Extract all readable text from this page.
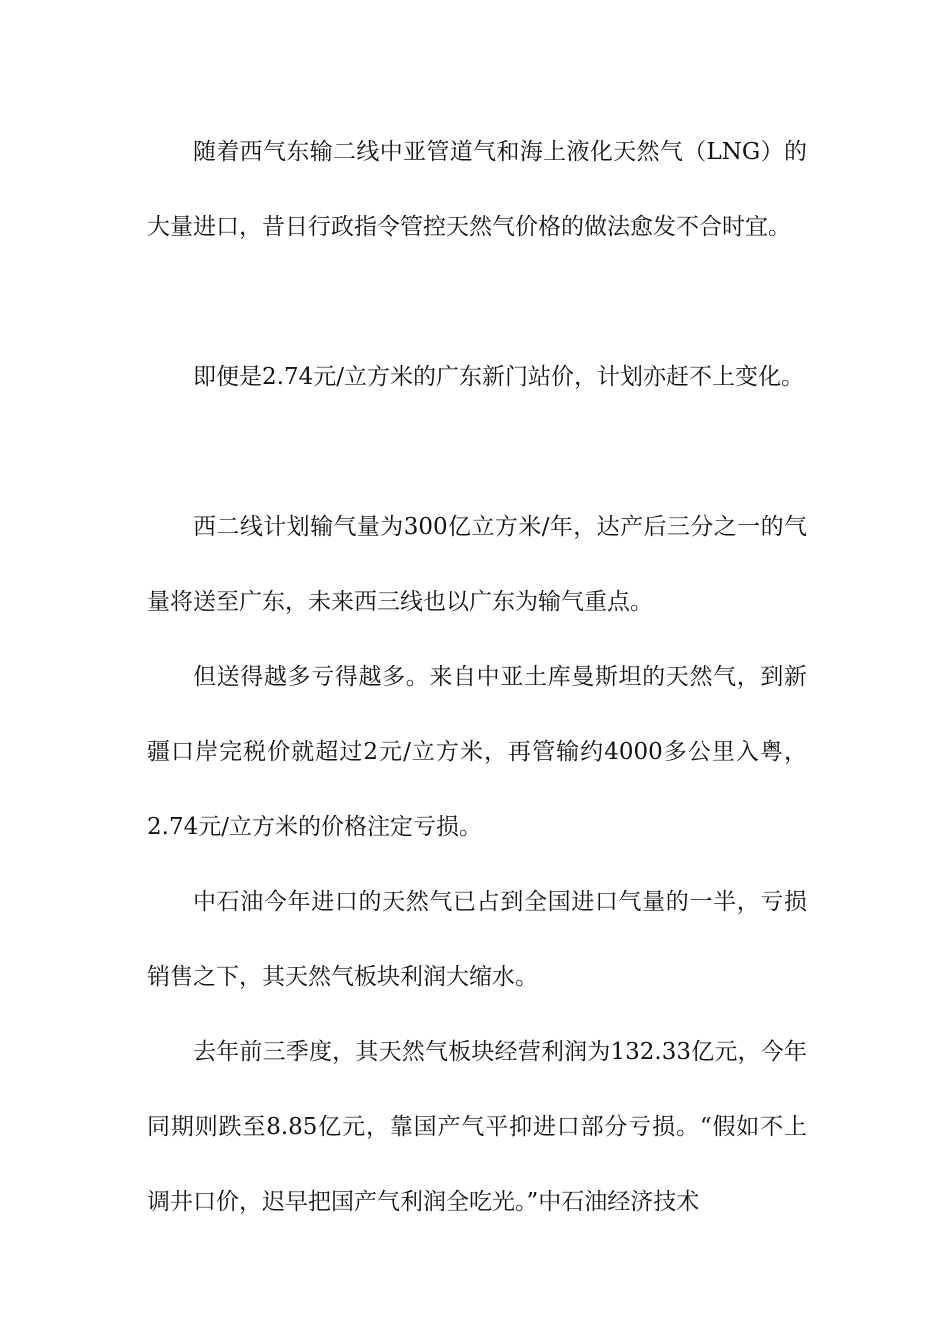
随着西气东输二线中亚管道气和海上液化天然气（LNG）的大量进口，昔日行政指令管控天然气价格的做法愈发不合时宜。

即便是2.74元/立方米的广东新门站价，计划亦赶不上变化。

西二线计划输气量为300亿立方米/年，达产后三分之一的气量将送至广东，未来西三线也以广东为输气重点。

但送得越多亏得越多。来自中亚土库曼斯坦的天然气，到新疆口岸完税价就超过2元/立方米，再管输约4000多公里入粤，2.74元/立方米的价格注定亏损。

中石油今年进口的天然气已占到全国进口气量的一半，亏损销售之下，其天然气板块利润大缩水。

去年前三季度，其天然气板块经营利润为132.33亿元，今年同期则跌至8.85亿元，靠国产气平抑进口部分亏损。“假如不上调井口价，迟早把国产气利润全吃光。”中石油经济技术
